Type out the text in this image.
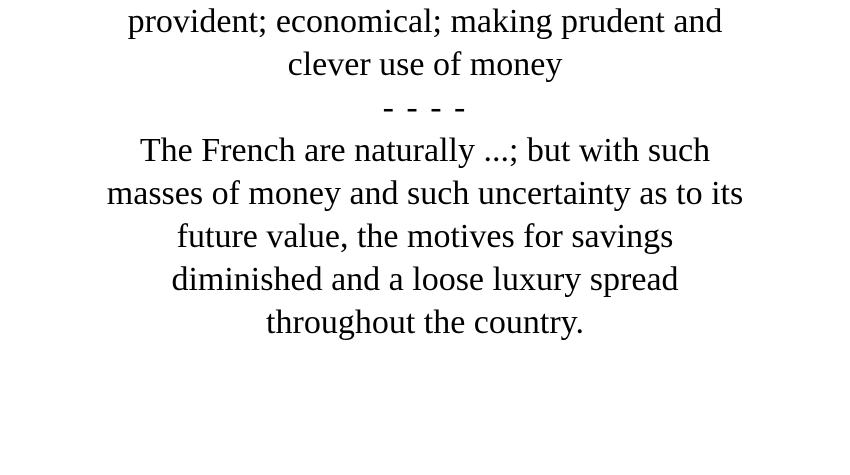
provident; economical; making prudent and
clever use of money
- - - -
The French are naturally ...; but with such
masses of money and such uncertainty as to its
future value, the motives for savings
diminished and a loose luxury spread
throughout the country.
